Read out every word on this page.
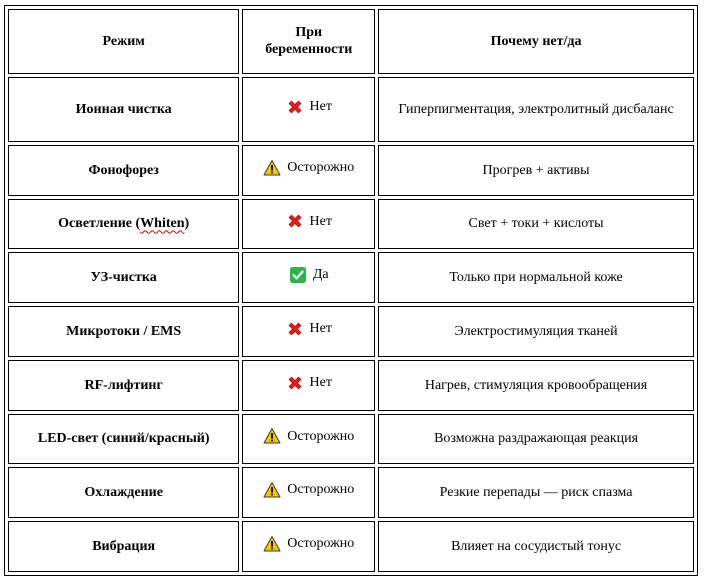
Режим	При беременности	Почему нет/да
Ионная чистка	Нет	Гиперпигментация, электролитный дисбаланс
Фонофорез	Осторожно	Прогрев + активы
Осветление (Whiten)	Нет	Свет + токи + кислоты
УЗ-чистка	Да	Только при нормальной коже
Микротоки / EMS	Нет	Электростимуляция тканей
RF-лифтинг	Нет	Нагрев, стимуляция кровообращения
LED-свет (синий/красный)	Осторожно	Возможна раздражающая реакция
Охлаждение	Осторожно	Резкие перепады — риск спазма
Вибрация	Осторожно	Влияет на сосудистый тонус
